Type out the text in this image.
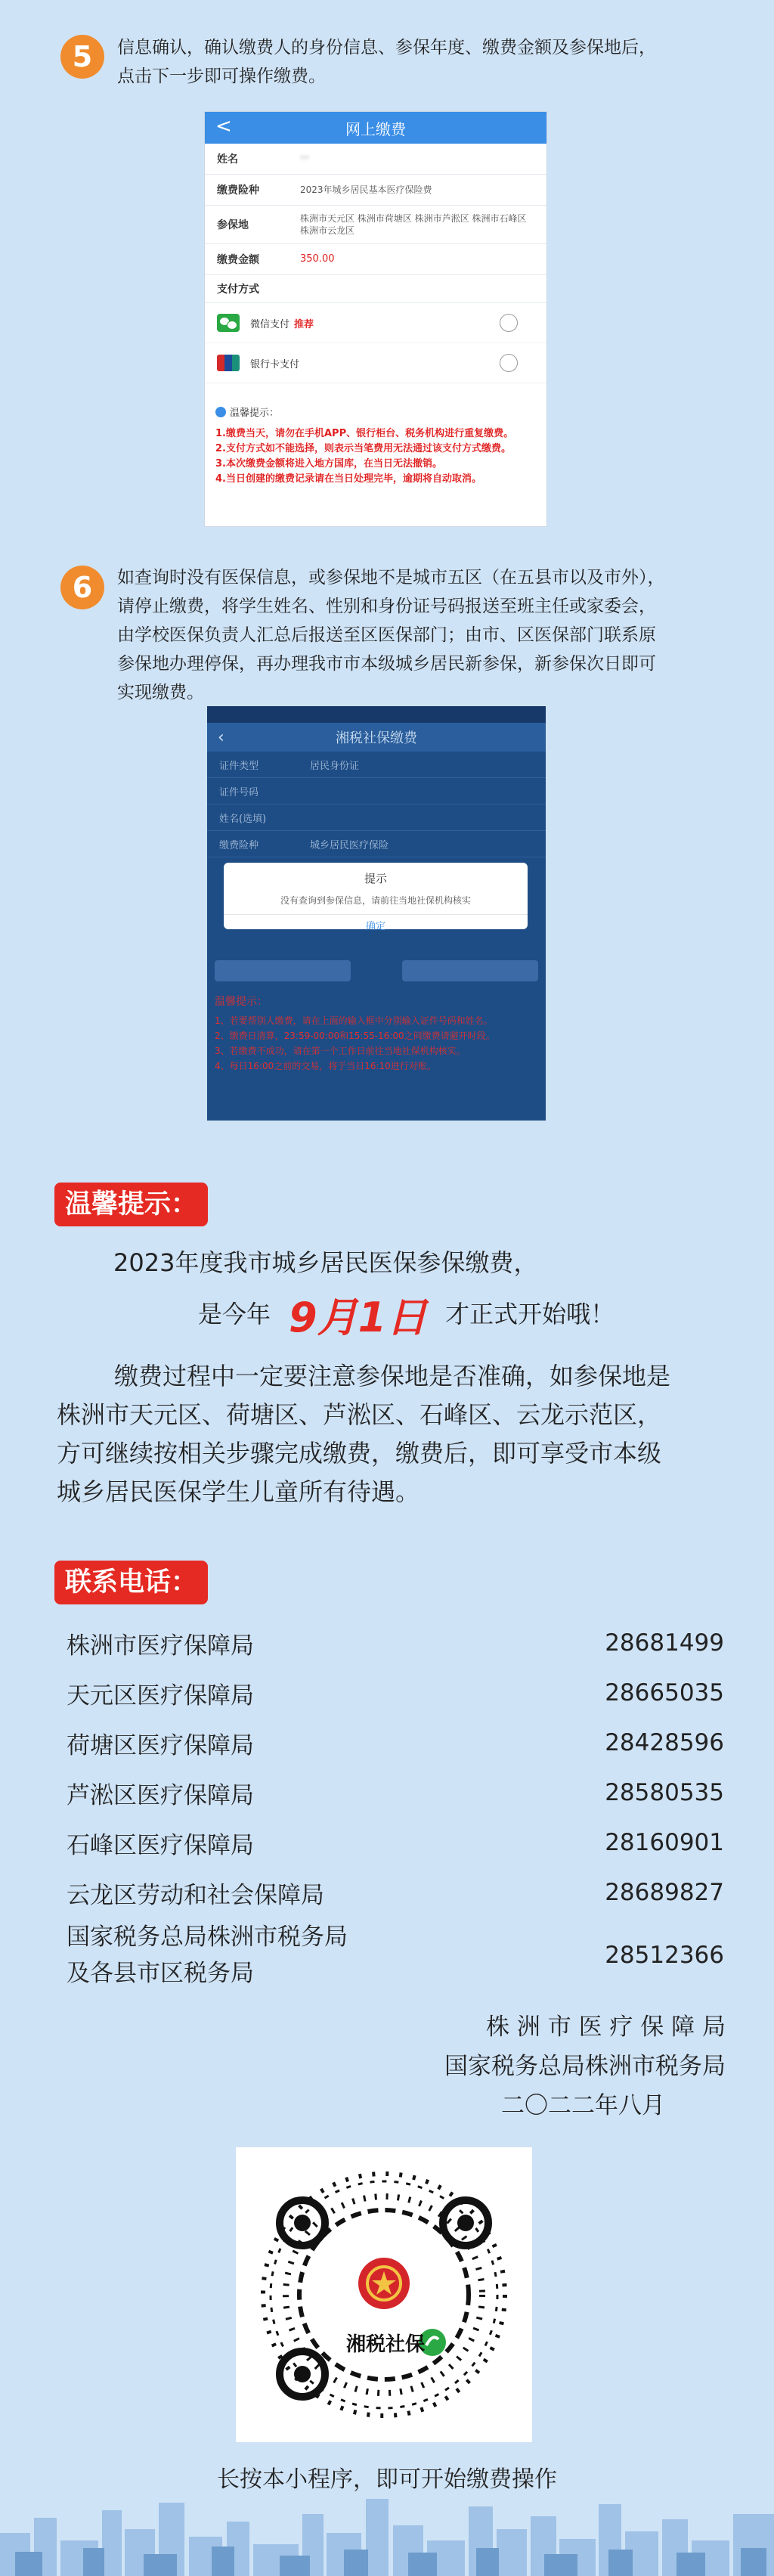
5	信息确认，确认缴费人的身份信息、参保年度、缴费金额及参保地后，
点击下一步即可操作缴费。
<	网上缴费
姓名	**
缴费险种	2023年城乡居民基本医疗保险费
参保地
株洲市天元区 株洲市荷塘区 株洲市芦淞区 株洲市石峰区 株洲市云龙区
缴费金额	350.00
支付方式
微信支付 推荐
银行卡支付
温馨提示：
1.缴费当天，请勿在手机APP、银行柜台、税务机构进行重复缴费。
2.支付方式如不能选择，则表示当笔费用无法通过该支付方式缴费。
3.本次缴费金额将进入地方国库，在当日无法撤销。
4.当日创建的缴费记录请在当日处理完毕，逾期将自动取消。
6	如查询时没有医保信息，或参保地不是城市五区（在五县市以及市外），
请停止缴费，将学生姓名、性别和身份证号码报送至班主任或家委会，
由学校医保负责人汇总后报送至区医保部门；由市、区医保部门联系原
参保地办理停保，再办理我市市本级城乡居民新参保，新参保次日即可
实现缴费。
‹	湘税社保缴费
证件类型	居民身份证
证件号码
姓名(选填)
缴费险种	城乡居民医疗保险
提示
没有查询到参保信息，请前往当地社保机构核实
确定
温馨提示：
1、若要帮别人缴费，请在上面的输入框中分别输入证件号码和姓名。
2、缴费日清算，23:59-00:00和15:55-16:00之间缴费请避开时段。
3、若缴费不成功，请在第一个工作日前往当地社保机构核实。
4、每日16:00之前的交易，将于当日16:10进行对账。
温馨提示：
2023年度我市城乡居民医保参保缴费，
是今年 9月1日 才正式开始哦！
缴费过程中一定要注意参保地是否准确，如参保地是
株洲市天元区、荷塘区、芦淞区、石峰区、云龙示范区，
方可继续按相关步骤完成缴费，缴费后，即可享受市本级
城乡居民医保学生儿童所有待遇。
联系电话：
株洲市医疗保障局	28681499
天元区医疗保障局	28665035
荷塘区医疗保障局	28428596
芦淞区医疗保障局	28580535
石峰区医疗保障局	28160901
云龙区劳动和社会保障局	28689827
国家税务总局株洲市税务局
及各县市区税务局
28512366
株 洲 市 医 疗 保 障 局
国家税务总局株洲市税务局
二〇二二年八月
湘税社保
长按本小程序，即可开始缴费操作
